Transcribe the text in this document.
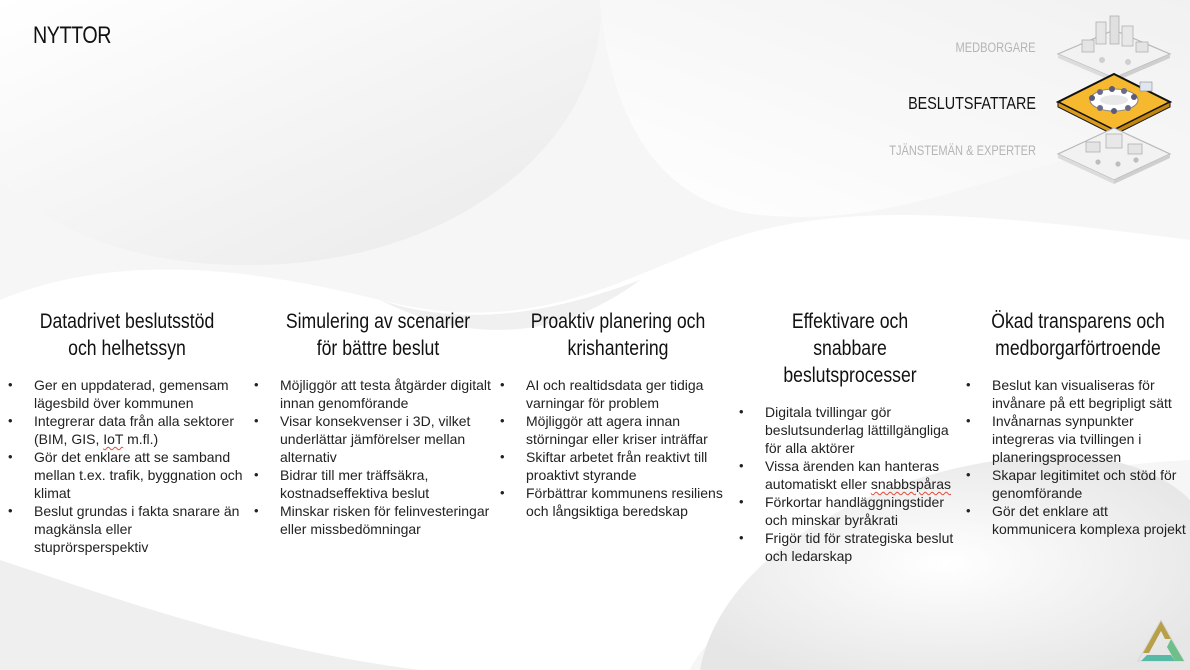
NYTTOR	MEDBORGARE
BESLUTSFATTARE
TJÄNSTEMÄN & EXPERTER
Datadrivet beslutsstöd och helhetssyn
• Ger en uppdaterad, gemensam lägesbild över kommunen
• Integrerar data från alla sektorer (BIM, GIS, IoT m.fl.)
• Gör det enklare att se samband mellan t.ex. trafik, byggnation och klimat
• Beslut grundas i fakta snarare än magkänsla eller stuprörsperspektiv
Simulering av scenarier för bättre beslut
• Möjliggör att testa åtgärder digitalt innan genomförande
• Visar konsekvenser i 3D, vilket underlättar jämförelser mellan alternativ
• Bidrar till mer träffsäkra, kostnadseffektiva beslut
• Minskar risken för felinvesteringar eller missbedömningar
Proaktiv planering och krishantering
• AI och realtidsdata ger tidiga varningar för problem
• Möjliggör att agera innan störningar eller kriser inträffar
• Skiftar arbetet från reaktivt till proaktivt styrande
• Förbättrar kommunens resiliens och långsiktiga beredskap
Effektivare och snabbare beslutsprocesser
• Digitala tvillingar gör beslutsunderlag lättillgängliga för alla aktörer
• Vissa ärenden kan hanteras automatiskt eller snabbspåras
• Förkortar handläggningstider och minskar byråkrati
• Frigör tid för strategiska beslut och ledarskap
Ökad transparens och medborgarförtroende
• Beslut kan visualiseras för invånare på ett begripligt sätt
• Invånarnas synpunkter integreras via tvillingen i planeringsprocessen
• Skapar legitimitet och stöd för genomförande
• Gör det enklare att kommunicera komplexa projekt
